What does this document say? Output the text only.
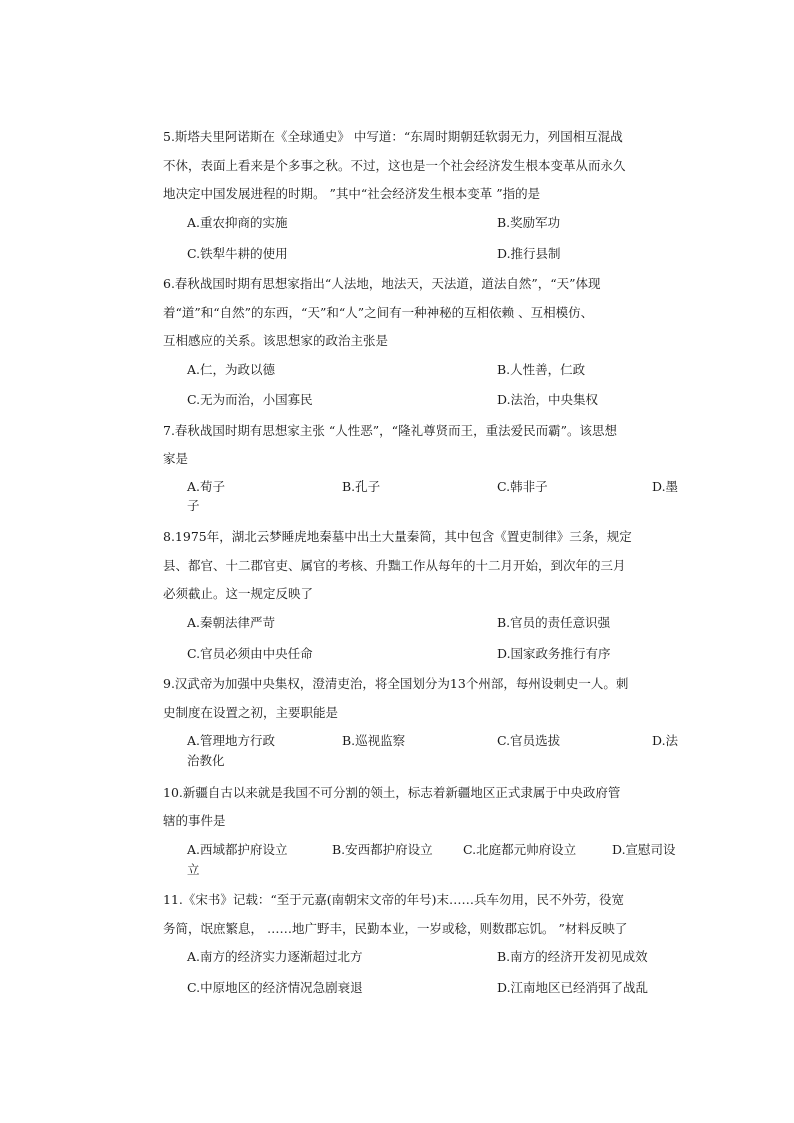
5.斯塔夫里阿诺斯在《全球通史》 中写道：“东周时期朝廷软弱无力，列国相互混战
不休，表面上看来是个多事之秋。不过，这也是一个社会经济发生根本变革从而永久
地决定中国发展进程的时期。 ”其中“社会经济发生根本变革 ”指的是
A.重农抑商的实施	B.奖励军功
C.铁犁牛耕的使用	D.推行县制
6.春秋战国时期有思想家指出“人法地，地法天，天法道，道法自然”，“天”体现
着“道”和“自然”的东西，“天”和“人”之间有一种神秘的互相依赖 、互相模仿、
互相感应的关系。该思想家的政治主张是
A.仁，为政以德	B.人性善，仁政
C.无为而治，小国寡民	D.法治，中央集权
7.春秋战国时期有思想家主张 “人性恶”，“隆礼尊贤而王，重法爱民而霸”。该思想
家是
A.荀子	B.孔子	C.韩非子	D.墨
子
8.1975年，湖北云梦睡虎地秦墓中出土大量秦简，其中包含《置吏制律》三条，规定
县、都官、十二郡官吏、属官的考核、升黜工作从每年的十二月开始，到次年的三月
必须截止。这一规定反映了
A.秦朝法律严苛	B.官员的责任意识强
C.官员必须由中央任命	D.国家政务推行有序
9.汉武帝为加强中央集权，澄清吏治，将全国划分为13个州部，每州设刺史一人。刺
史制度在设置之初，主要职能是
A.管理地方行政	B.巡视监察	C.官员选拔	D.法
治教化
10.新疆自古以来就是我国不可分割的领土，标志着新疆地区正式隶属于中央政府管
辖的事件是
A.西域都护府设立	B.安西都护府设立 C.北庭都元帅府设立	D.宣慰司设
立
11.《宋书》记载：“至于元嘉(南朝宋文帝的年号)末……兵车勿用，民不外劳，役宽
务简，氓庶繁息， ……地广野丰，民勤本业，一岁或稔，则数郡忘饥。 ”材料反映了
A.南方的经济实力逐渐超过北方	B.南方的经济开发初见成效
C.中原地区的经济情况急剧衰退	D.江南地区已经消弭了战乱
